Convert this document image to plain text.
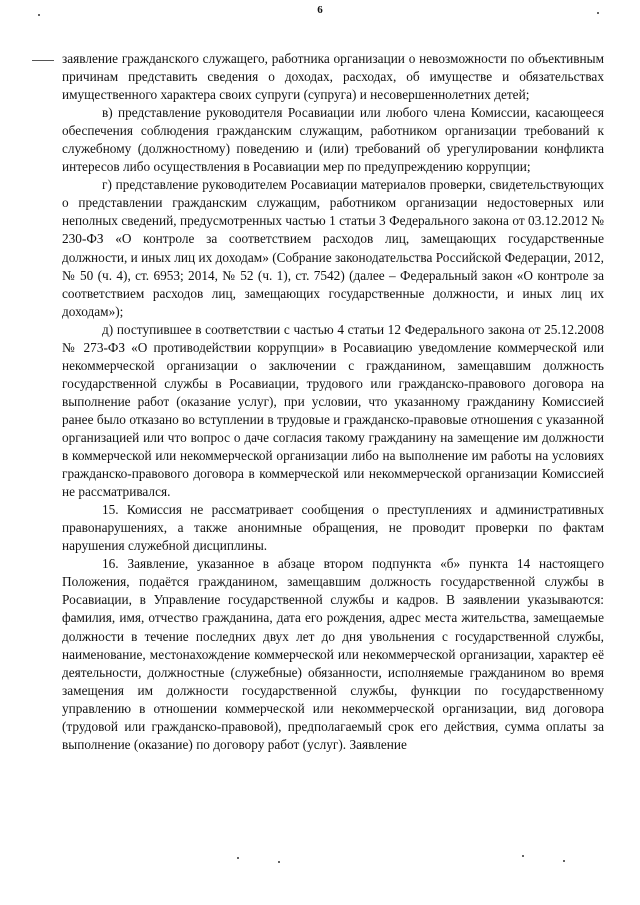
6

заявление гражданского служащего, работника организации о невозможности по объективным причинам представить сведения о доходах, расходах, об имуществе и обязательствах имущественного характера своих супруги (супруга) и несовершеннолетних детей;

в) представление руководителя Росавиации или любого члена Комиссии, касающееся обеспечения соблюдения гражданским служащим, работником организации требований к служебному (должностному) поведению и (или) требований об урегулировании конфликта интересов либо осуществления в Росавиации мер по предупреждению коррупции;

г) представление руководителем Росавиации материалов проверки, свидетельствующих о представлении гражданским служащим, работником организации недостоверных или неполных сведений, предусмотренных частью 1 статьи 3 Федерального закона от 03.12.2012 № 230-ФЗ «О контроле за соответствием расходов лиц, замещающих государственные должности, и иных лиц их доходам» (Собрание законодательства Российской Федерации, 2012, № 50 (ч. 4), ст. 6953; 2014, № 52 (ч. 1), ст. 7542) (далее – Федеральный закон «О контроле за соответствием расходов лиц, замещающих государственные должности, и иных лиц их доходам»);

д) поступившее в соответствии с частью 4 статьи 12 Федерального закона от 25.12.2008 № 273-ФЗ «О противодействии коррупции» в Росавиацию уведомление коммерческой или некоммерческой организации о заключении с гражданином, замещавшим должность государственной службы в Росавиации, трудового или гражданско-правового договора на выполнение работ (оказание услуг), при условии, что указанному гражданину Комиссией ранее было отказано во вступлении в трудовые и гражданско-правовые отношения с указанной организацией или что вопрос о даче согласия такому гражданину на замещение им должности в коммерческой или некоммерческой организации либо на выполнение им работы на условиях гражданско-правового договора в коммерческой или некоммерческой организации Комиссией не рассматривался.

15. Комиссия не рассматривает сообщения о преступлениях и административных правонарушениях, а также анонимные обращения, не проводит проверки по фактам нарушения служебной дисциплины.

16. Заявление, указанное в абзаце втором подпункта «б» пункта 14 настоящего Положения, подаётся гражданином, замещавшим должность государственной службы в Росавиации, в Управление государственной службы и кадров. В заявлении указываются: фамилия, имя, отчество гражданина, дата его рождения, адрес места жительства, замещаемые должности в течение последних двух лет до дня увольнения с государственной службы, наименование, местонахождение коммерческой или некоммерческой организации, характер её деятельности, должностные (служебные) обязанности, исполняемые гражданином во время замещения им должности государственной службы, функции по государственному управлению в отношении коммерческой или некоммерческой организации, вид договора (трудовой или гражданско-правовой), предполагаемый срок его действия, сумма оплаты за выполнение (оказание) по договору работ (услуг). Заявление
